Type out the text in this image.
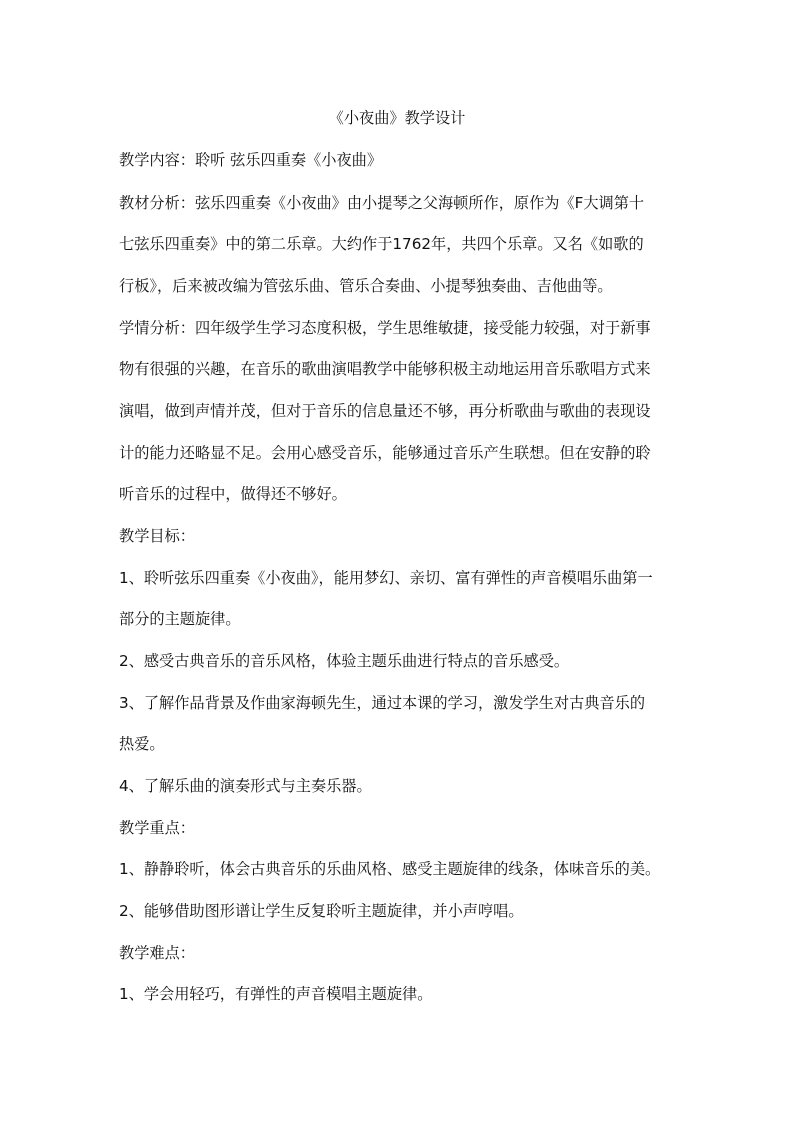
《小夜曲》教学设计
教学内容：聆听 弦乐四重奏《小夜曲》
教材分析：弦乐四重奏《小夜曲》由小提琴之父海顿所作，原作为《F大调第十
七弦乐四重奏》中的第二乐章。大约作于1762年，共四个乐章。又名《如歌的
行板》，后来被改编为管弦乐曲、管乐合奏曲、小提琴独奏曲、吉他曲等。
学情分析：四年级学生学习态度积极，学生思维敏捷，接受能力较强，对于新事
物有很强的兴趣，在音乐的歌曲演唱教学中能够积极主动地运用音乐歌唱方式来
演唱，做到声情并茂，但对于音乐的信息量还不够，再分析歌曲与歌曲的表现设
计的能力还略显不足。会用心感受音乐，能够通过音乐产生联想。但在安静的聆
听音乐的过程中，做得还不够好。
教学目标：
1、聆听弦乐四重奏《小夜曲》，能用梦幻、亲切、富有弹性的声音模唱乐曲第一
部分的主题旋律。
2、感受古典音乐的音乐风格，体验主题乐曲进行特点的音乐感受。
3、了解作品背景及作曲家海顿先生，通过本课的学习，激发学生对古典音乐的
热爱。
4、了解乐曲的演奏形式与主奏乐器。
教学重点：
1、静静聆听，体会古典音乐的乐曲风格、感受主题旋律的线条，体味音乐的美。
2、能够借助图形谱让学生反复聆听主题旋律，并小声哼唱。
教学难点：
1、学会用轻巧，有弹性的声音模唱主题旋律。
